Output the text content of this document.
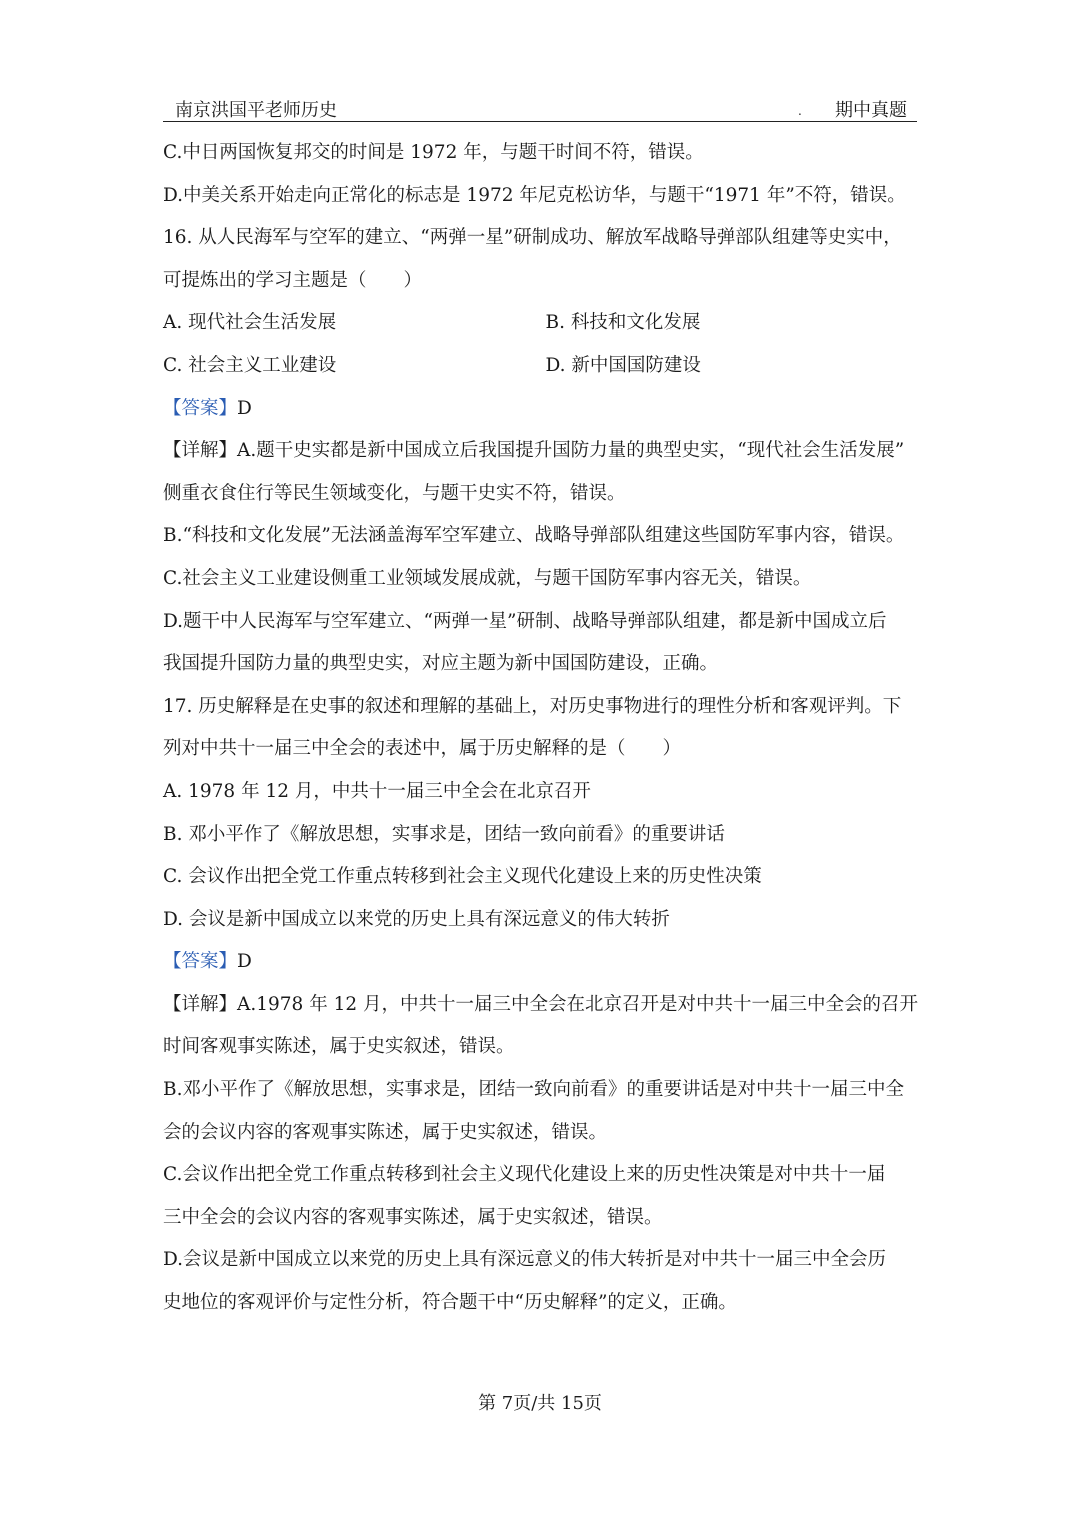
南京洪国平老师历史	. 期中真题
C.中日两国恢复邦交的时间是 1972 年，与题干时间不符，错误。
D.中美关系开始走向正常化的标志是 1972 年尼克松访华，与题干“1971 年”不符，错误。
16. 从人民海军与空军的建立、“两弹一星”研制成功、解放军战略导弹部队组建等史实中，
可提炼出的学习主题是（　　）
A. 现代社会生活发展	B. 科技和文化发展
C. 社会主义工业建设	D. 新中国国防建设
【答案】D
【详解】A.题干史实都是新中国成立后我国提升国防力量的典型史实，“现代社会生活发展”
侧重衣食住行等民生领域变化，与题干史实不符，错误。
B.“科技和文化发展”无法涵盖海军空军建立、战略导弹部队组建这些国防军事内容，错误。
C.社会主义工业建设侧重工业领域发展成就，与题干国防军事内容无关，错误。
D.题干中人民海军与空军建立、“两弹一星”研制、战略导弹部队组建，都是新中国成立后
我国提升国防力量的典型史实，对应主题为新中国国防建设，正确。
17. 历史解释是在史事的叙述和理解的基础上，对历史事物进行的理性分析和客观评判。下
列对中共十一届三中全会的表述中，属于历史解释的是（　　）
A. 1978 年 12 月，中共十一届三中全会在北京召开
B. 邓小平作了《解放思想，实事求是，团结一致向前看》的重要讲话
C. 会议作出把全党工作重点转移到社会主义现代化建设上来的历史性决策
D. 会议是新中国成立以来党的历史上具有深远意义的伟大转折
【答案】D
【详解】A.1978 年 12 月，中共十一届三中全会在北京召开是对中共十一届三中全会的召开
时间客观事实陈述，属于史实叙述，错误。
B.邓小平作了《解放思想，实事求是，团结一致向前看》的重要讲话是对中共十一届三中全
会的会议内容的客观事实陈述，属于史实叙述，错误。
C.会议作出把全党工作重点转移到社会主义现代化建设上来的历史性决策是对中共十一届
三中全会的会议内容的客观事实陈述，属于史实叙述，错误。
D.会议是新中国成立以来党的历史上具有深远意义的伟大转折是对中共十一届三中全会历
史地位的客观评价与定性分析，符合题干中“历史解释”的定义，正确。
第 7页/共 15页
